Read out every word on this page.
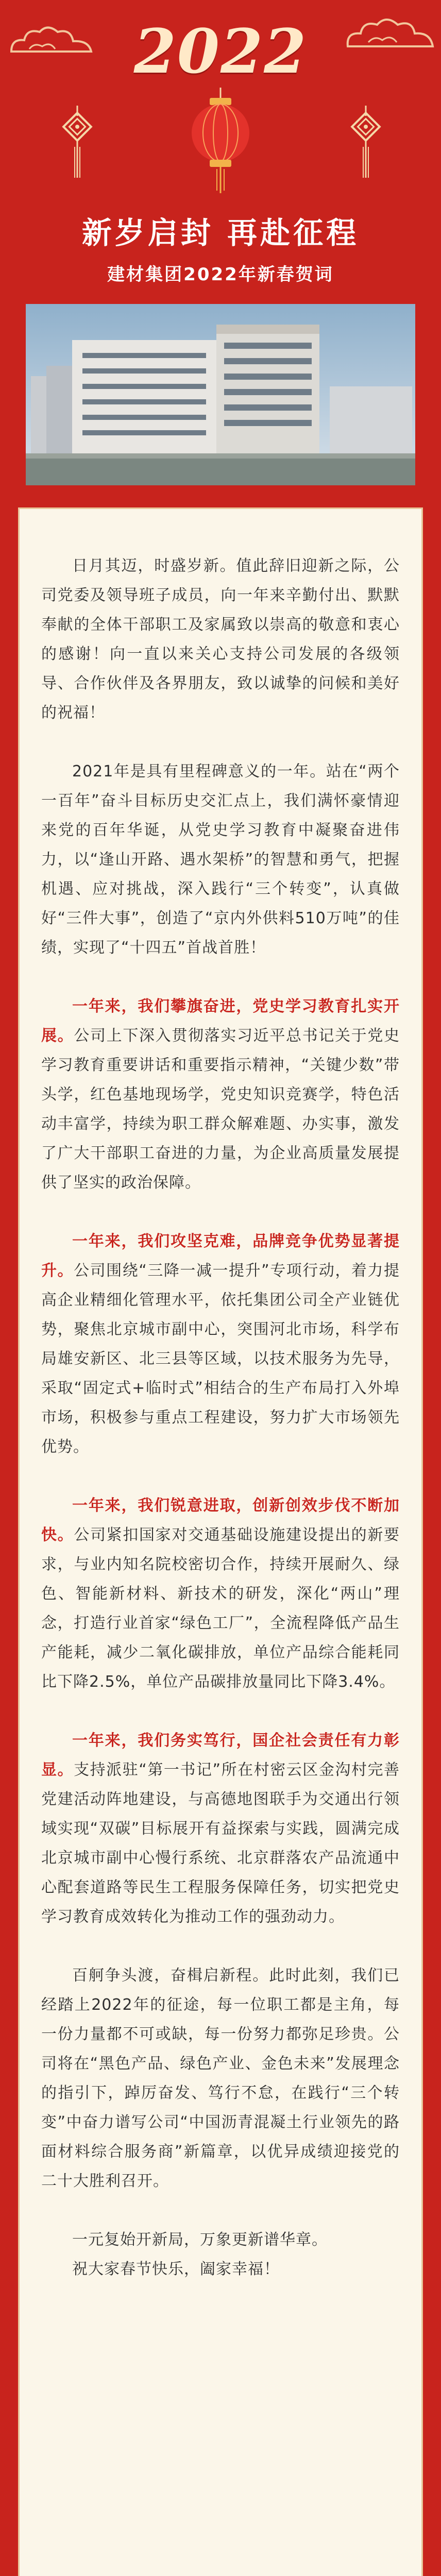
2022
新岁启封 再赴征程
建材集团2022年新春贺词

日月其迈，时盛岁新。值此辞旧迎新之际，公司党委及领导班子成员，向一年来辛勤付出、默默奉献的全体干部职工及家属致以崇高的敬意和衷心的感谢！向一直以来关心支持公司发展的各级领导、合作伙伴及各界朋友，致以诚挚的问候和美好的祝福！

2021年是具有里程碑意义的一年。站在“两个一百年”奋斗目标历史交汇点上，我们满怀豪情迎来党的百年华诞，从党史学习教育中凝聚奋进伟力，以“逢山开路、遇水架桥”的智慧和勇气，把握机遇、应对挑战，深入践行“三个转变”，认真做好“三件大事”，创造了“京内外供料510万吨”的佳绩，实现了“十四五”首战首胜！

一年来，我们攀旗奋进，党史学习教育扎实开展。公司上下深入贯彻落实习近平总书记关于党史学习教育重要讲话和重要指示精神，“关键少数”带头学，红色基地现场学，党史知识竞赛学，特色活动丰富学，持续为职工群众解难题、办实事，激发了广大干部职工奋进的力量，为企业高质量发展提供了坚实的政治保障。

一年来，我们攻坚克难，品牌竞争优势显著提升。公司围绕“三降一减一提升”专项行动，着力提高企业精细化管理水平，依托集团公司全产业链优势，聚焦北京城市副中心，突围河北市场，科学布局雄安新区、北三县等区域，以技术服务为先导，采取“固定式+临时式”相结合的生产布局打入外埠市场，积极参与重点工程建设，努力扩大市场领先优势。

一年来，我们锐意进取，创新创效步伐不断加快。公司紧扣国家对交通基础设施建设提出的新要求，与业内知名院校密切合作，持续开展耐久、绿色、智能新材料、新技术的研发，深化“两山”理念，打造行业首家“绿色工厂”，全流程降低产品生产能耗，减少二氧化碳排放，单位产品综合能耗同比下降2.5%，单位产品碳排放量同比下降3.4%。

一年来，我们务实笃行，国企社会责任有力彰显。支持派驻“第一书记”所在村密云区金沟村完善党建活动阵地建设，与高德地图联手为交通出行领域实现“双碳”目标展开有益探索与实践，圆满完成北京城市副中心慢行系统、北京群落农产品流通中心配套道路等民生工程服务保障任务，切实把党史学习教育成效转化为推动工作的强劲动力。

百舸争头渡，奋楫启新程。此时此刻，我们已经踏上2022年的征途，每一位职工都是主角，每一份力量都不可或缺，每一份努力都弥足珍贵。公司将在“黑色产品、绿色产业、金色未来”发展理念的指引下，踔厉奋发、笃行不怠，在践行“三个转变”中奋力谱写公司“中国沥青混凝土行业领先的路面材料综合服务商”新篇章，以优异成绩迎接党的二十大胜利召开。

一元复始开新局，万象更新谱华章。

祝大家春节快乐，阖家幸福！
